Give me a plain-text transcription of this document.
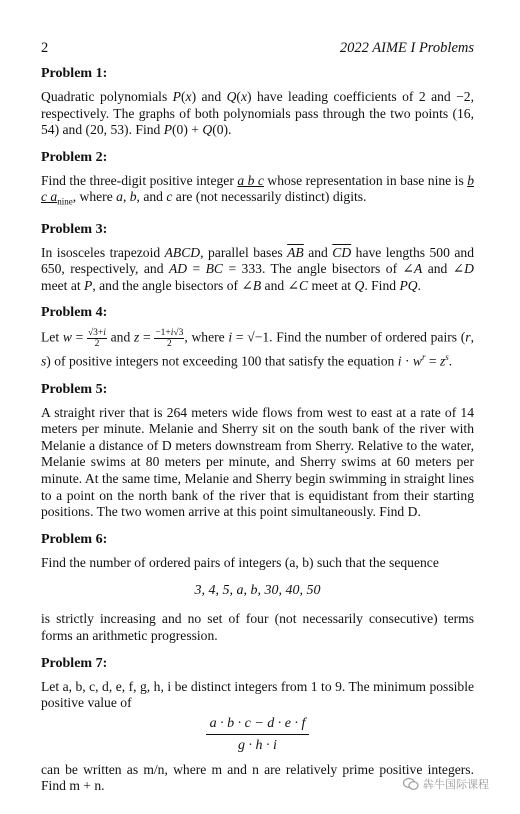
2	2022 AIME I Problems
Problem 1:

Quadratic polynomials P(x) and Q(x) have leading coefficients of 2 and −2, respectively. The graphs of both polynomials pass through the two points (16, 54) and (20, 53). Find P(0) + Q(0).

Problem 2:

Find the three-digit positive integer a b c whose representation in base nine is b c $a_{nine}$, where a, b, and c are (not necessarily distinct) digits.

Problem 3:

In isosceles trapezoid ABCD, parallel bases $\overline{AB}$ and $\overline{CD}$ have lengths 500 and 650, respectively, and AD = BC = 333. The angle bisectors of ∠A and ∠D meet at P, and the angle bisectors of ∠B and ∠C meet at Q. Find PQ.

Problem 4:

Let $w = \frac{√3+i}{2}$ and $z = \frac{-1+i√3}{2}$ , where i = √−1. Find the number of ordered pairs (r, s) of positive integers not exceeding 100 that satisfy the equation $i \cdot w^r = z^s$.

Problem 5:

A straight river that is 264 meters wide flows from west to east at a rate of 14 meters per minute. Melanie and Sherry sit on the south bank of the river with Melanie a distance of D meters downstream from Sherry. Relative to the water, Melanie swims at 80 meters per minute, and Sherry swims at 60 meters per minute. At the same time, Melanie and Sherry begin swimming in straight lines to a point on the north bank of the river that is equidistant from their starting positions. The two women arrive at this point simultaneously. Find D.

Problem 6:

Find the number of ordered pairs of integers (a, b) such that the sequence

3, 4, 5, a, b, 30, 40, 50

is strictly increasing and no set of four (not necessarily consecutive) terms forms an arithmetic progression.

Problem 7:

Let a, b, c, d, e, f, g, h, i be distinct integers from 1 to 9. The minimum possible positive value of

$\frac{a \cdot b \cdot c - d \cdot e \cdot f}{g \cdot h \cdot i}$

can be written as m/n, where m and n are relatively prime positive integers. Find m + n.	犇牛国际课程
